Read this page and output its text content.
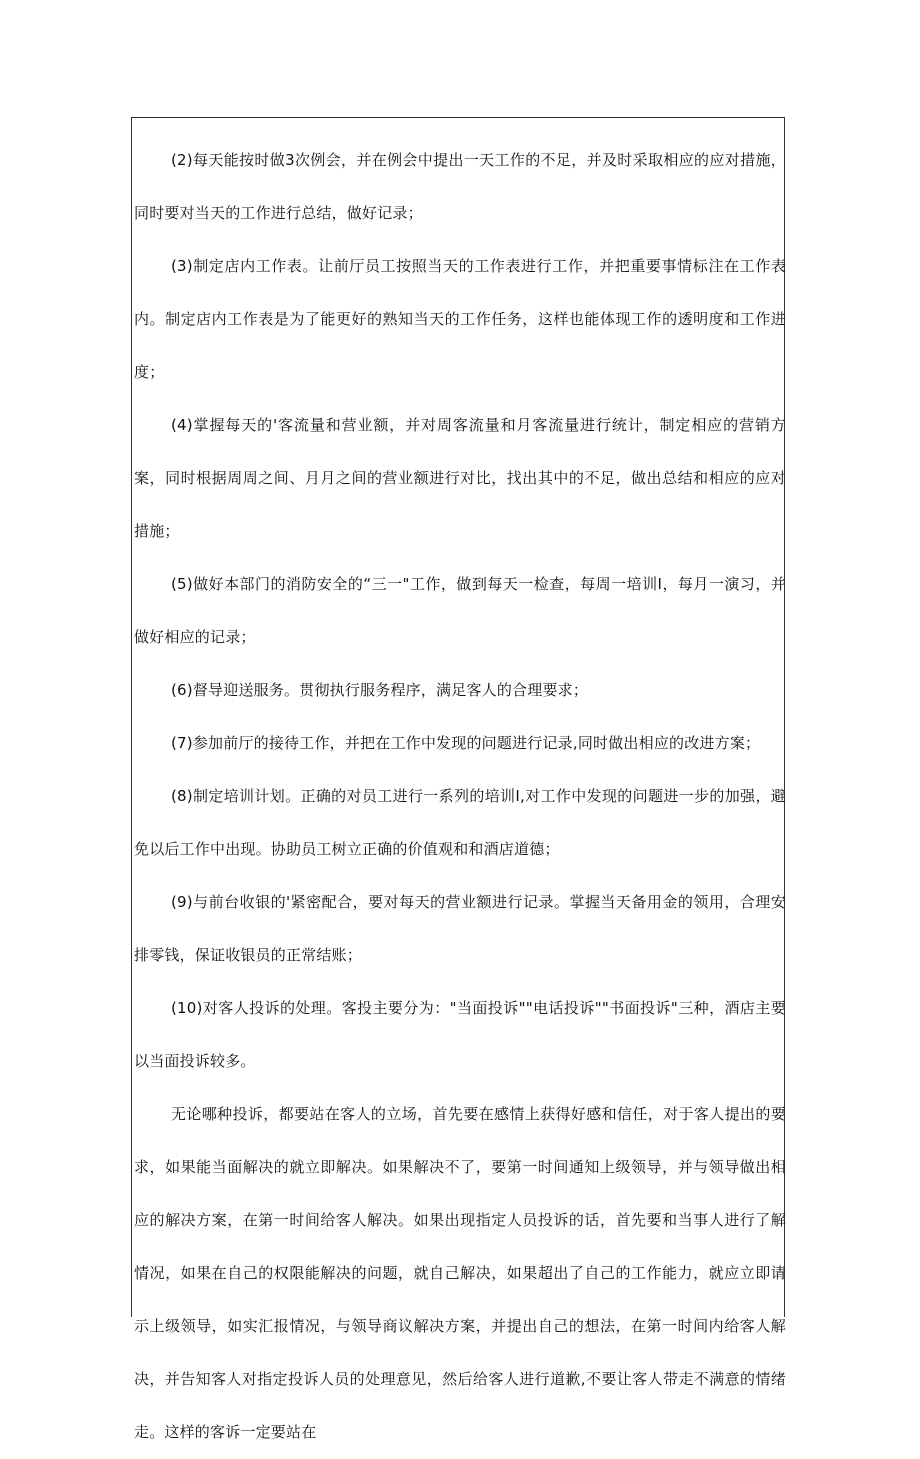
(2)每天能按时做3次例会，并在例会中提出一天工作的不足，并及时采取相应的应对措施，同时要对当天的工作进行总结，做好记录；

(3)制定店内工作表。让前厅员工按照当天的工作表进行工作，并把重要事情标注在工作表内。制定店内工作表是为了能更好的熟知当天的工作任务，这样也能体现工作的透明度和工作进度；

(4)掌握每天的'客流量和营业额，并对周客流量和月客流量进行统计，制定相应的营销方案，同时根据周周之间、月月之间的营业额进行对比，找出其中的不足，做出总结和相应的应对措施；

(5)做好本部门的消防安全的“三一"工作，做到每天一检查，每周一培训I，每月一演习，并做好相应的记录；

(6)督导迎送服务。贯彻执行服务程序，满足客人的合理要求；

(7)参加前厅的接待工作，并把在工作中发现的问题进行记录,同时做出相应的改进方案；

(8)制定培训计划。正确的对员工进行一系列的培训I,对工作中发现的问题进一步的加强，避免以后工作中出现。协助员工树立正确的价值观和和酒店道德；

(9)与前台收银的'紧密配合，要对每天的营业额进行记录。掌握当天备用金的领用，合理安排零钱，保证收银员的正常结账；

(10)对客人投诉的处理。客投主要分为："当面投诉""电话投诉""书面投诉"三种，酒店主要以当面投诉较多。

无论哪种投诉，都要站在客人的立场，首先要在感情上获得好感和信任，对于客人提出的要求，如果能当面解决的就立即解决。如果解决不了，要第一时间通知上级领导，并与领导做出相应的解决方案，在第一时间给客人解决。如果出现指定人员投诉的话，首先要和当事人进行了解情况，如果在自己的权限能解决的问题，就自己解决，如果超出了自己的工作能力，就应立即请示上级领导，如实汇报情况，与领导商议解决方案，并提出自己的想法，在第一时间内给客人解决，并告知客人对指定投诉人员的处理意见，然后给客人进行道歉,不要让客人带走不满意的情绪走。这样的客诉一定要站在
